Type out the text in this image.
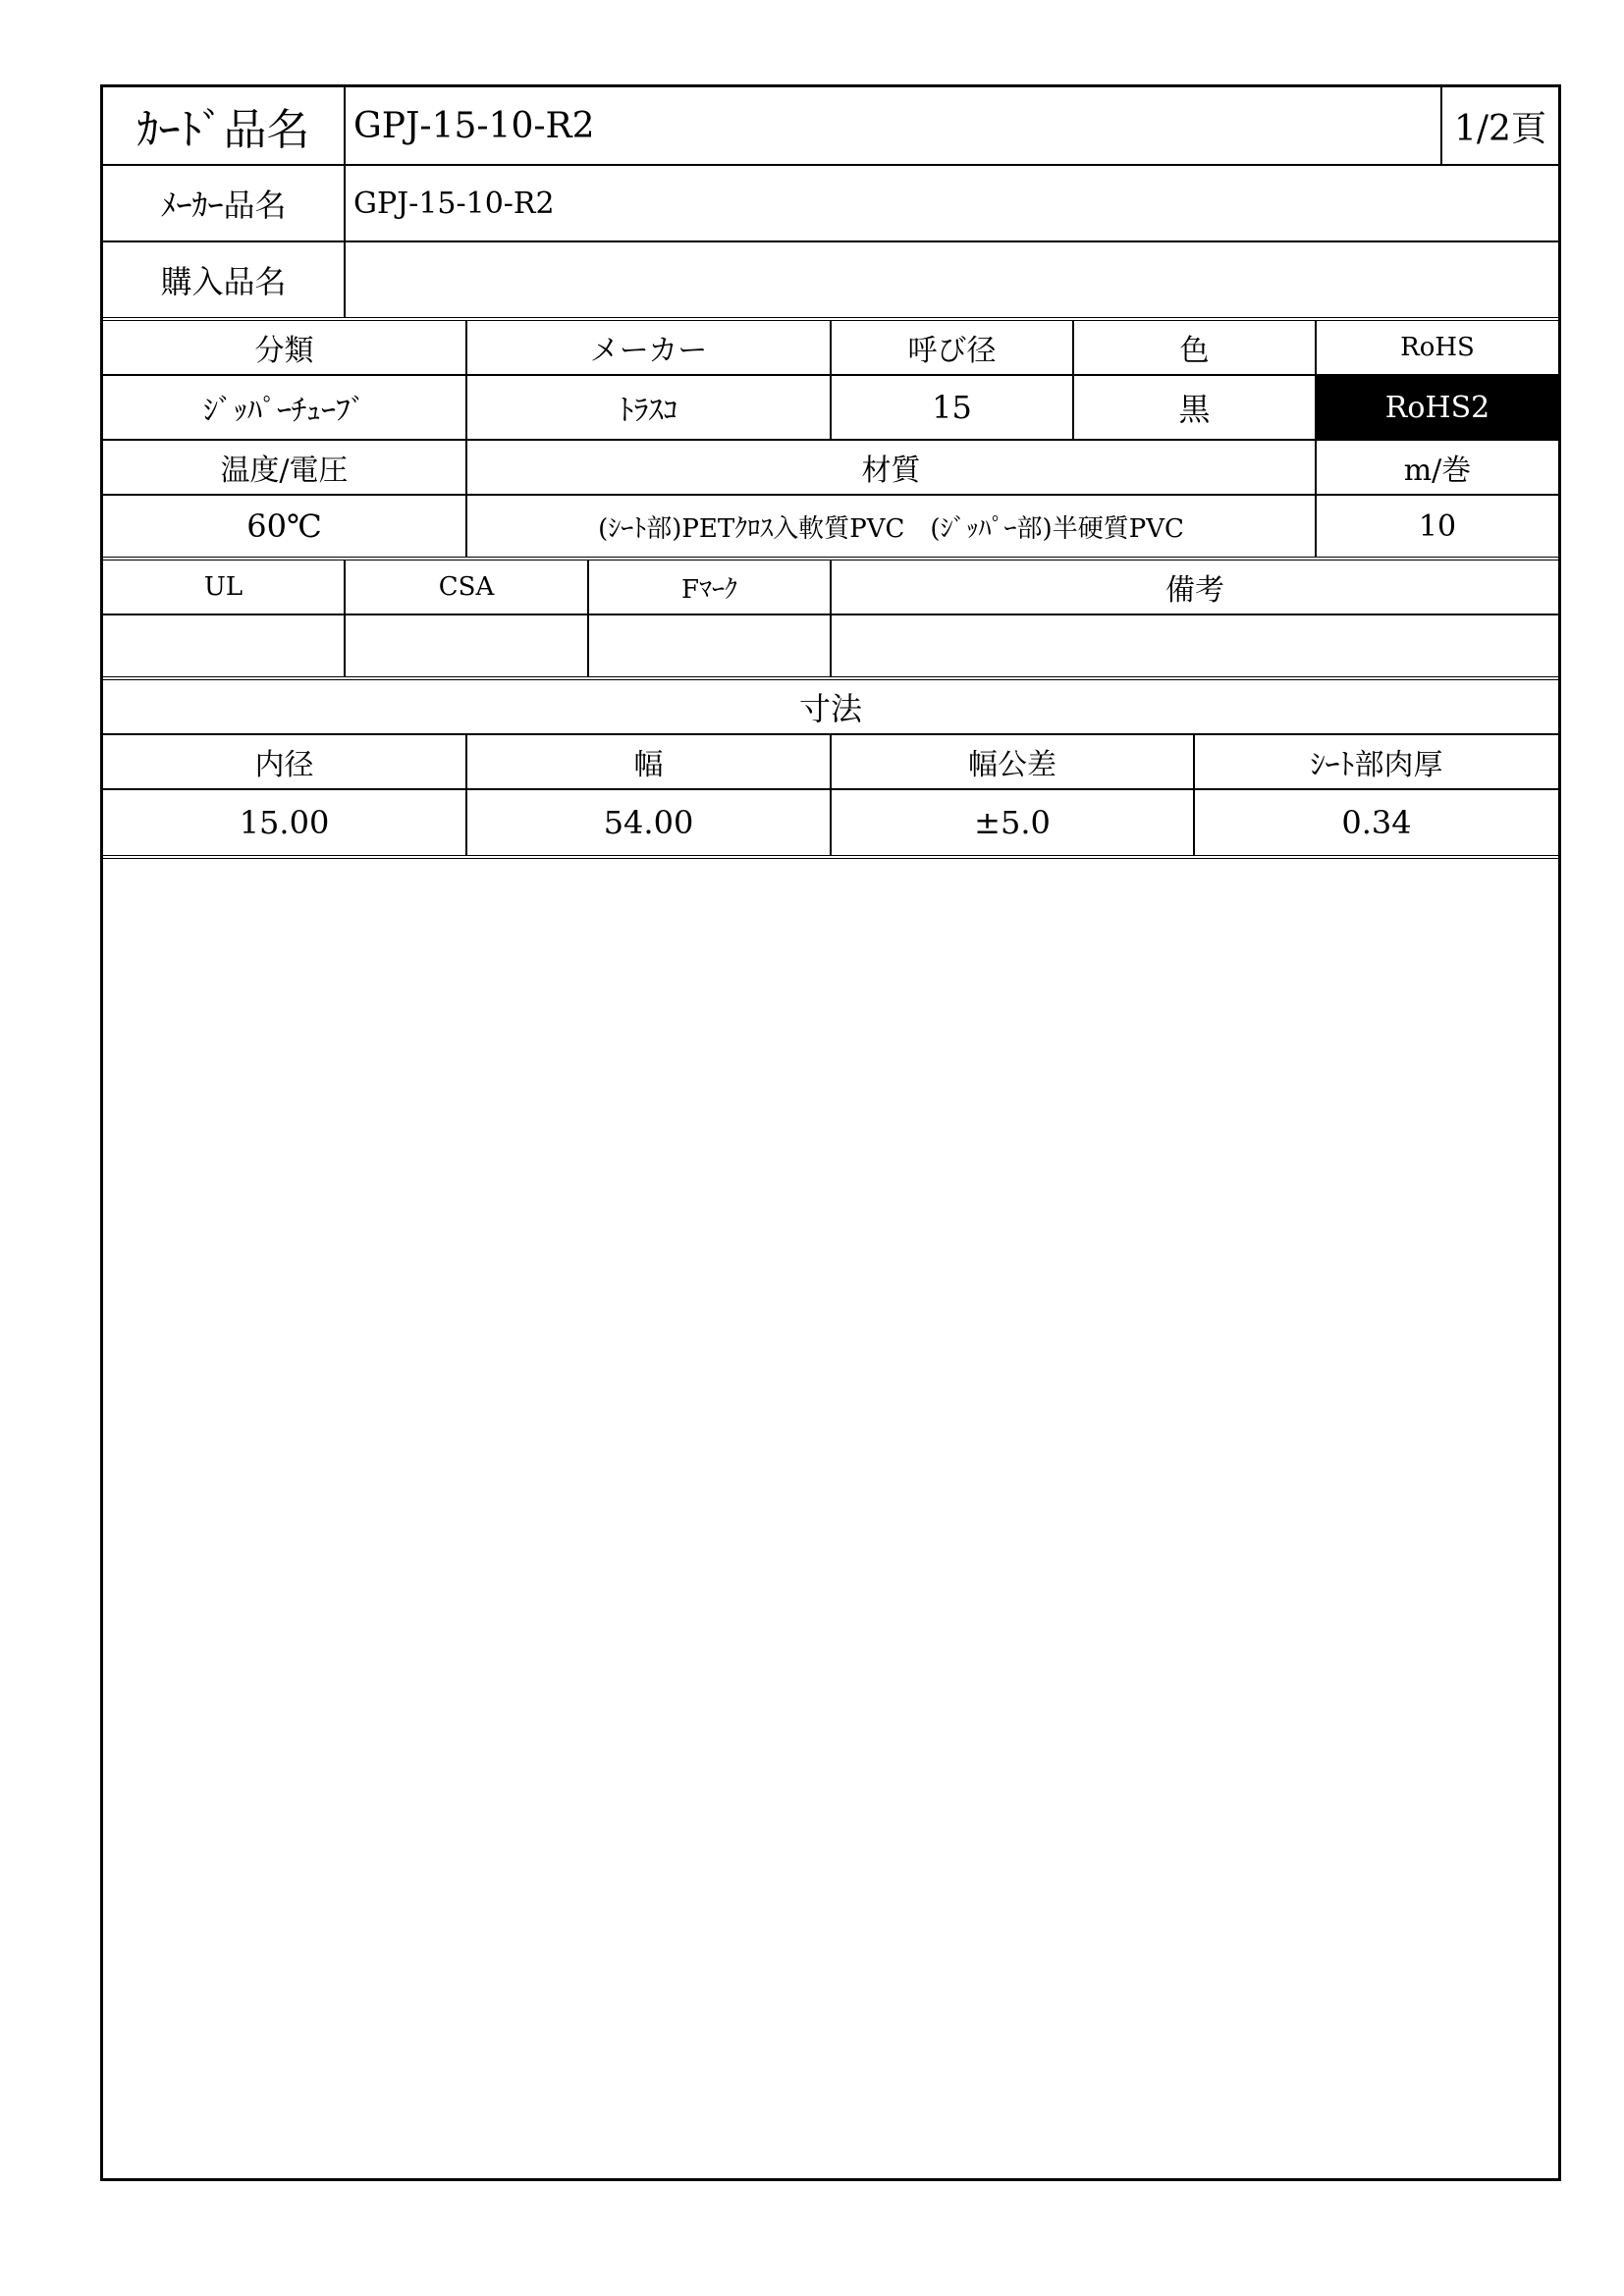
ｶｰﾄﾞ品名	GPJ-15-10-R2	1/2頁
ﾒｰｶｰ品名	GPJ-15-10-R2
購入品名
分類	メーカー	呼び径	色	RoHS
ｼﾞｯﾊﾟｰﾁｭｰﾌﾞ	ﾄﾗｽｺ	15	黒	RoHS2
温度/電圧	材質	m/巻
60℃	(ｼｰﾄ部)PETｸﾛｽ入軟質PVC　(ｼﾞｯﾊﾟｰ部)半硬質PVC	10
UL	CSA	Fﾏｰｸ	備考
寸法
内径	幅	幅公差	ｼｰﾄ部肉厚
15.00	54.00	±5.0	0.34
